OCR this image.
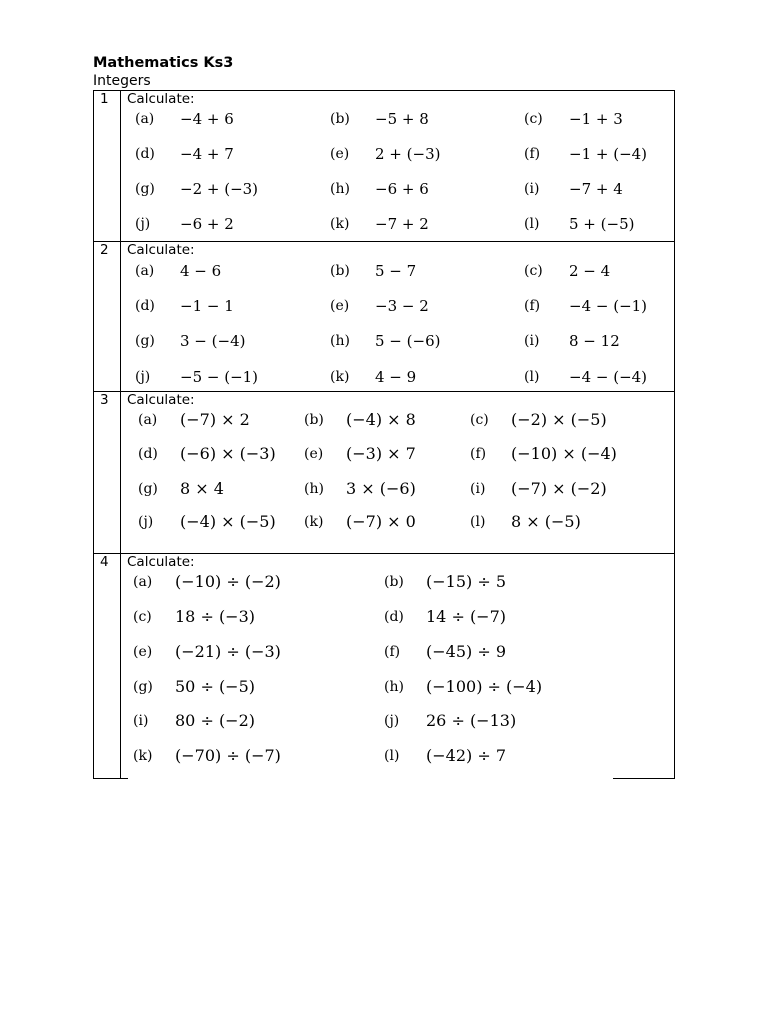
Mathematics Ks3
Integers
1 Calculate:
(a) −4 + 6	(b) −5 + 8	(c) −1 + 3
(d) −4 + 7	(e) 2 + (−3)	(f) −1 + (−4)
(g) −2 + (−3)	(h) −6 + 6	(i) −7 + 4
(j) −6 + 2	(k) −7 + 2	(l) 5 + (−5)
2 Calculate:
(a) 4 − 6	(b) 5 − 7	(c) 2 − 4
(d) −1 − 1	(e) −3 − 2	(f) −4 − (−1)
(g) 3 − (−4)	(h) 5 − (−6)	(i) 8 − 12
(j) −5 − (−1)	(k) 4 − 9	(l) −4 − (−4)
3 Calculate:
(a) (−7) × 2	(b) (−4) × 8	(c) (−2) × (−5)
(d) (−6) × (−3) (e) (−3) × 7	(f) (−10) × (−4)
(g) 8 × 4	(h) 3 × (−6)	(i) (−7) × (−2)
(j) (−4) × (−5) (k) (−7) × 0	(l) 8 × (−5)
4 Calculate:
(a) (−10) ÷ (−2)	(b) (−15) ÷ 5
(c) 18 ÷ (−3)	(d) 14 ÷ (−7)
(e) (−21) ÷ (−3)	(f) (−45) ÷ 9
(g) 50 ÷ (−5)	(h) (−100) ÷ (−4)
(i) 80 ÷ (−2)	(j) 26 ÷ (−13)
(k) (−70) ÷ (−7)	(l) (−42) ÷ 7
